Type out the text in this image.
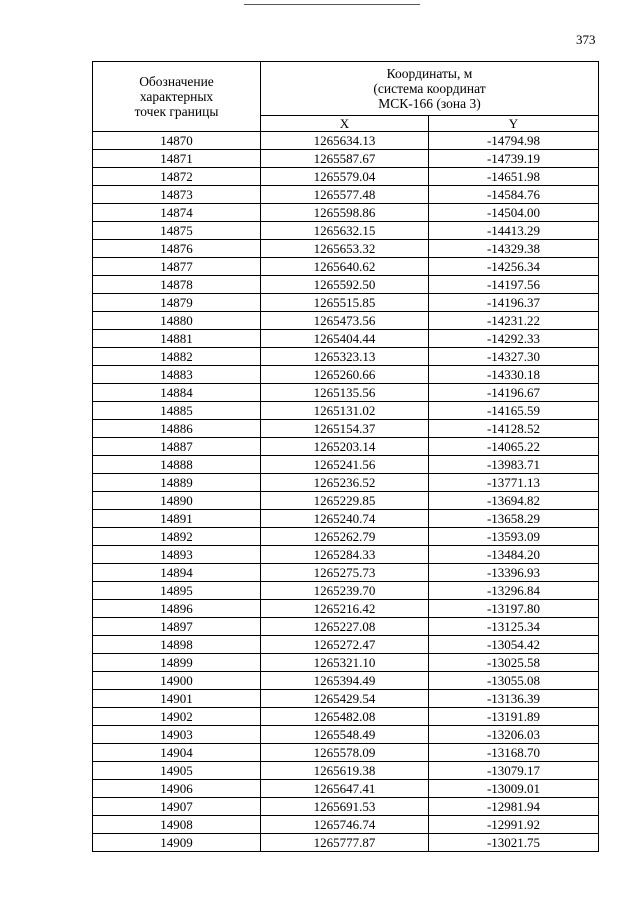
373
Обозначение
характерных
точек границы	Координаты, м
(система координат
МСК-166 (зона 3)	
	X	Y
14870	1265634.13	-14794.98
14871	1265587.67	-14739.19
14872	1265579.04	-14651.98
14873	1265577.48	-14584.76
14874	1265598.86	-14504.00
14875	1265632.15	-14413.29
14876	1265653.32	-14329.38
14877	1265640.62	-14256.34
14878	1265592.50	-14197.56
14879	1265515.85	-14196.37
14880	1265473.56	-14231.22
14881	1265404.44	-14292.33
14882	1265323.13	-14327.30
14883	1265260.66	-14330.18
14884	1265135.56	-14196.67
14885	1265131.02	-14165.59
14886	1265154.37	-14128.52
14887	1265203.14	-14065.22
14888	1265241.56	-13983.71
14889	1265236.52	-13771.13
14890	1265229.85	-13694.82
14891	1265240.74	-13658.29
14892	1265262.79	-13593.09
14893	1265284.33	-13484.20
14894	1265275.73	-13396.93
14895	1265239.70	-13296.84
14896	1265216.42	-13197.80
14897	1265227.08	-13125.34
14898	1265272.47	-13054.42
14899	1265321.10	-13025.58
14900	1265394.49	-13055.08
14901	1265429.54	-13136.39
14902	1265482.08	-13191.89
14903	1265548.49	-13206.03
14904	1265578.09	-13168.70
14905	1265619.38	-13079.17
14906	1265647.41	-13009.01
14907	1265691.53	-12981.94
14908	1265746.74	-12991.92
14909	1265777.87	-13021.75
